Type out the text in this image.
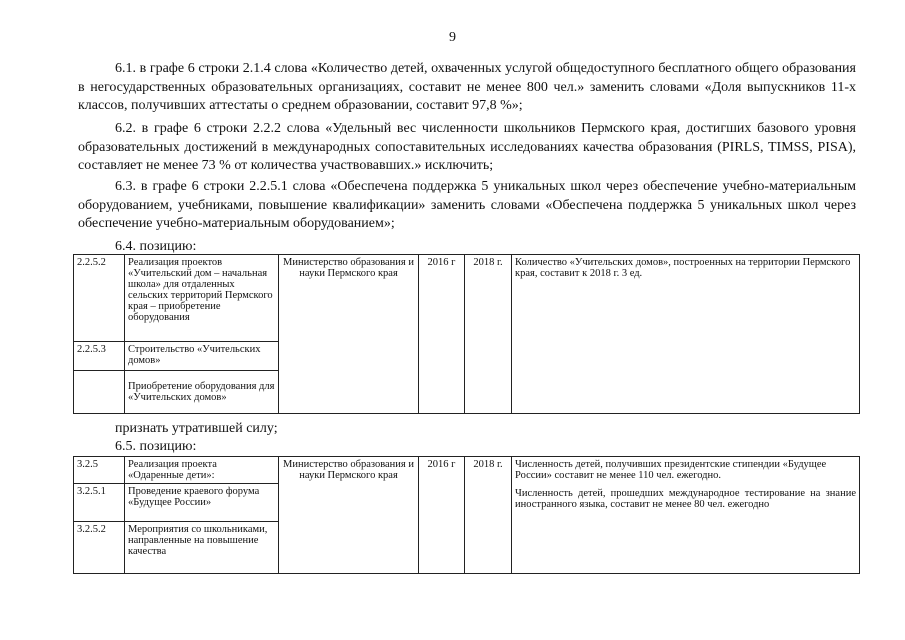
9

6.1. в графе 6 строки 2.1.4 слова «Количество детей, охваченных услугой общедоступного бесплатного общего образования в негосударственных образовательных организациях, составит не менее 800 чел.» заменить словами «Доля выпускников 11-х классов, получивших аттестаты о среднем образовании, составит 97,8 %»;

6.2. в графе 6 строки 2.2.2 слова «Удельный вес численности школьников Пермского края, достигших базового уровня образовательных достижений в международных сопоставительных исследованиях качества образования (PIRLS, TIMSS, PISA), составляет не менее 73 % от количества участвовавших.» исключить;

6.3. в графе 6 строки 2.2.5.1 слова «Обеспечена поддержка 5 уникальных школ через обеспечение учебно-материальным оборудованием, учебниками, повышение квалификации» заменить словами «Обеспечена поддержка 5 уникальных школ через обеспечение учебно-материальным оборудованием»;

6.4. позицию:
2.2.5.2	Реализация проектов «Учительский дом – начальная школа» для отдаленных сельских территорий Пермского края – приобретение оборудования	Министерство образования и науки Пермского края	2016 г	2018 г.	Количество «Учительских домов», построенных на территории Пермского края, составит к 2018 г. 3 ед.
2.2.5.3	Строительство «Учительских домов»				
	Приобретение оборудования для «Учительских домов»				
признать утратившей силу;
6.5. позицию:
3.2.5	Реализация проекта «Одаренные дети»:	Министерство образования и науки Пермского края	2016 г	2018 г.	Численность детей, получивших президентские стипендии «Будущее России» составит не менее 110 чел. ежегодно.
Численность детей, прошедших международное тестирование на знание иностранного языка, составит не менее 80 чел. ежегодно

3.2.5.1	Проведение краевого форума «Будущее России»				
3.2.5.2	Мероприятия со школьниками, направленные на повышение качества				
